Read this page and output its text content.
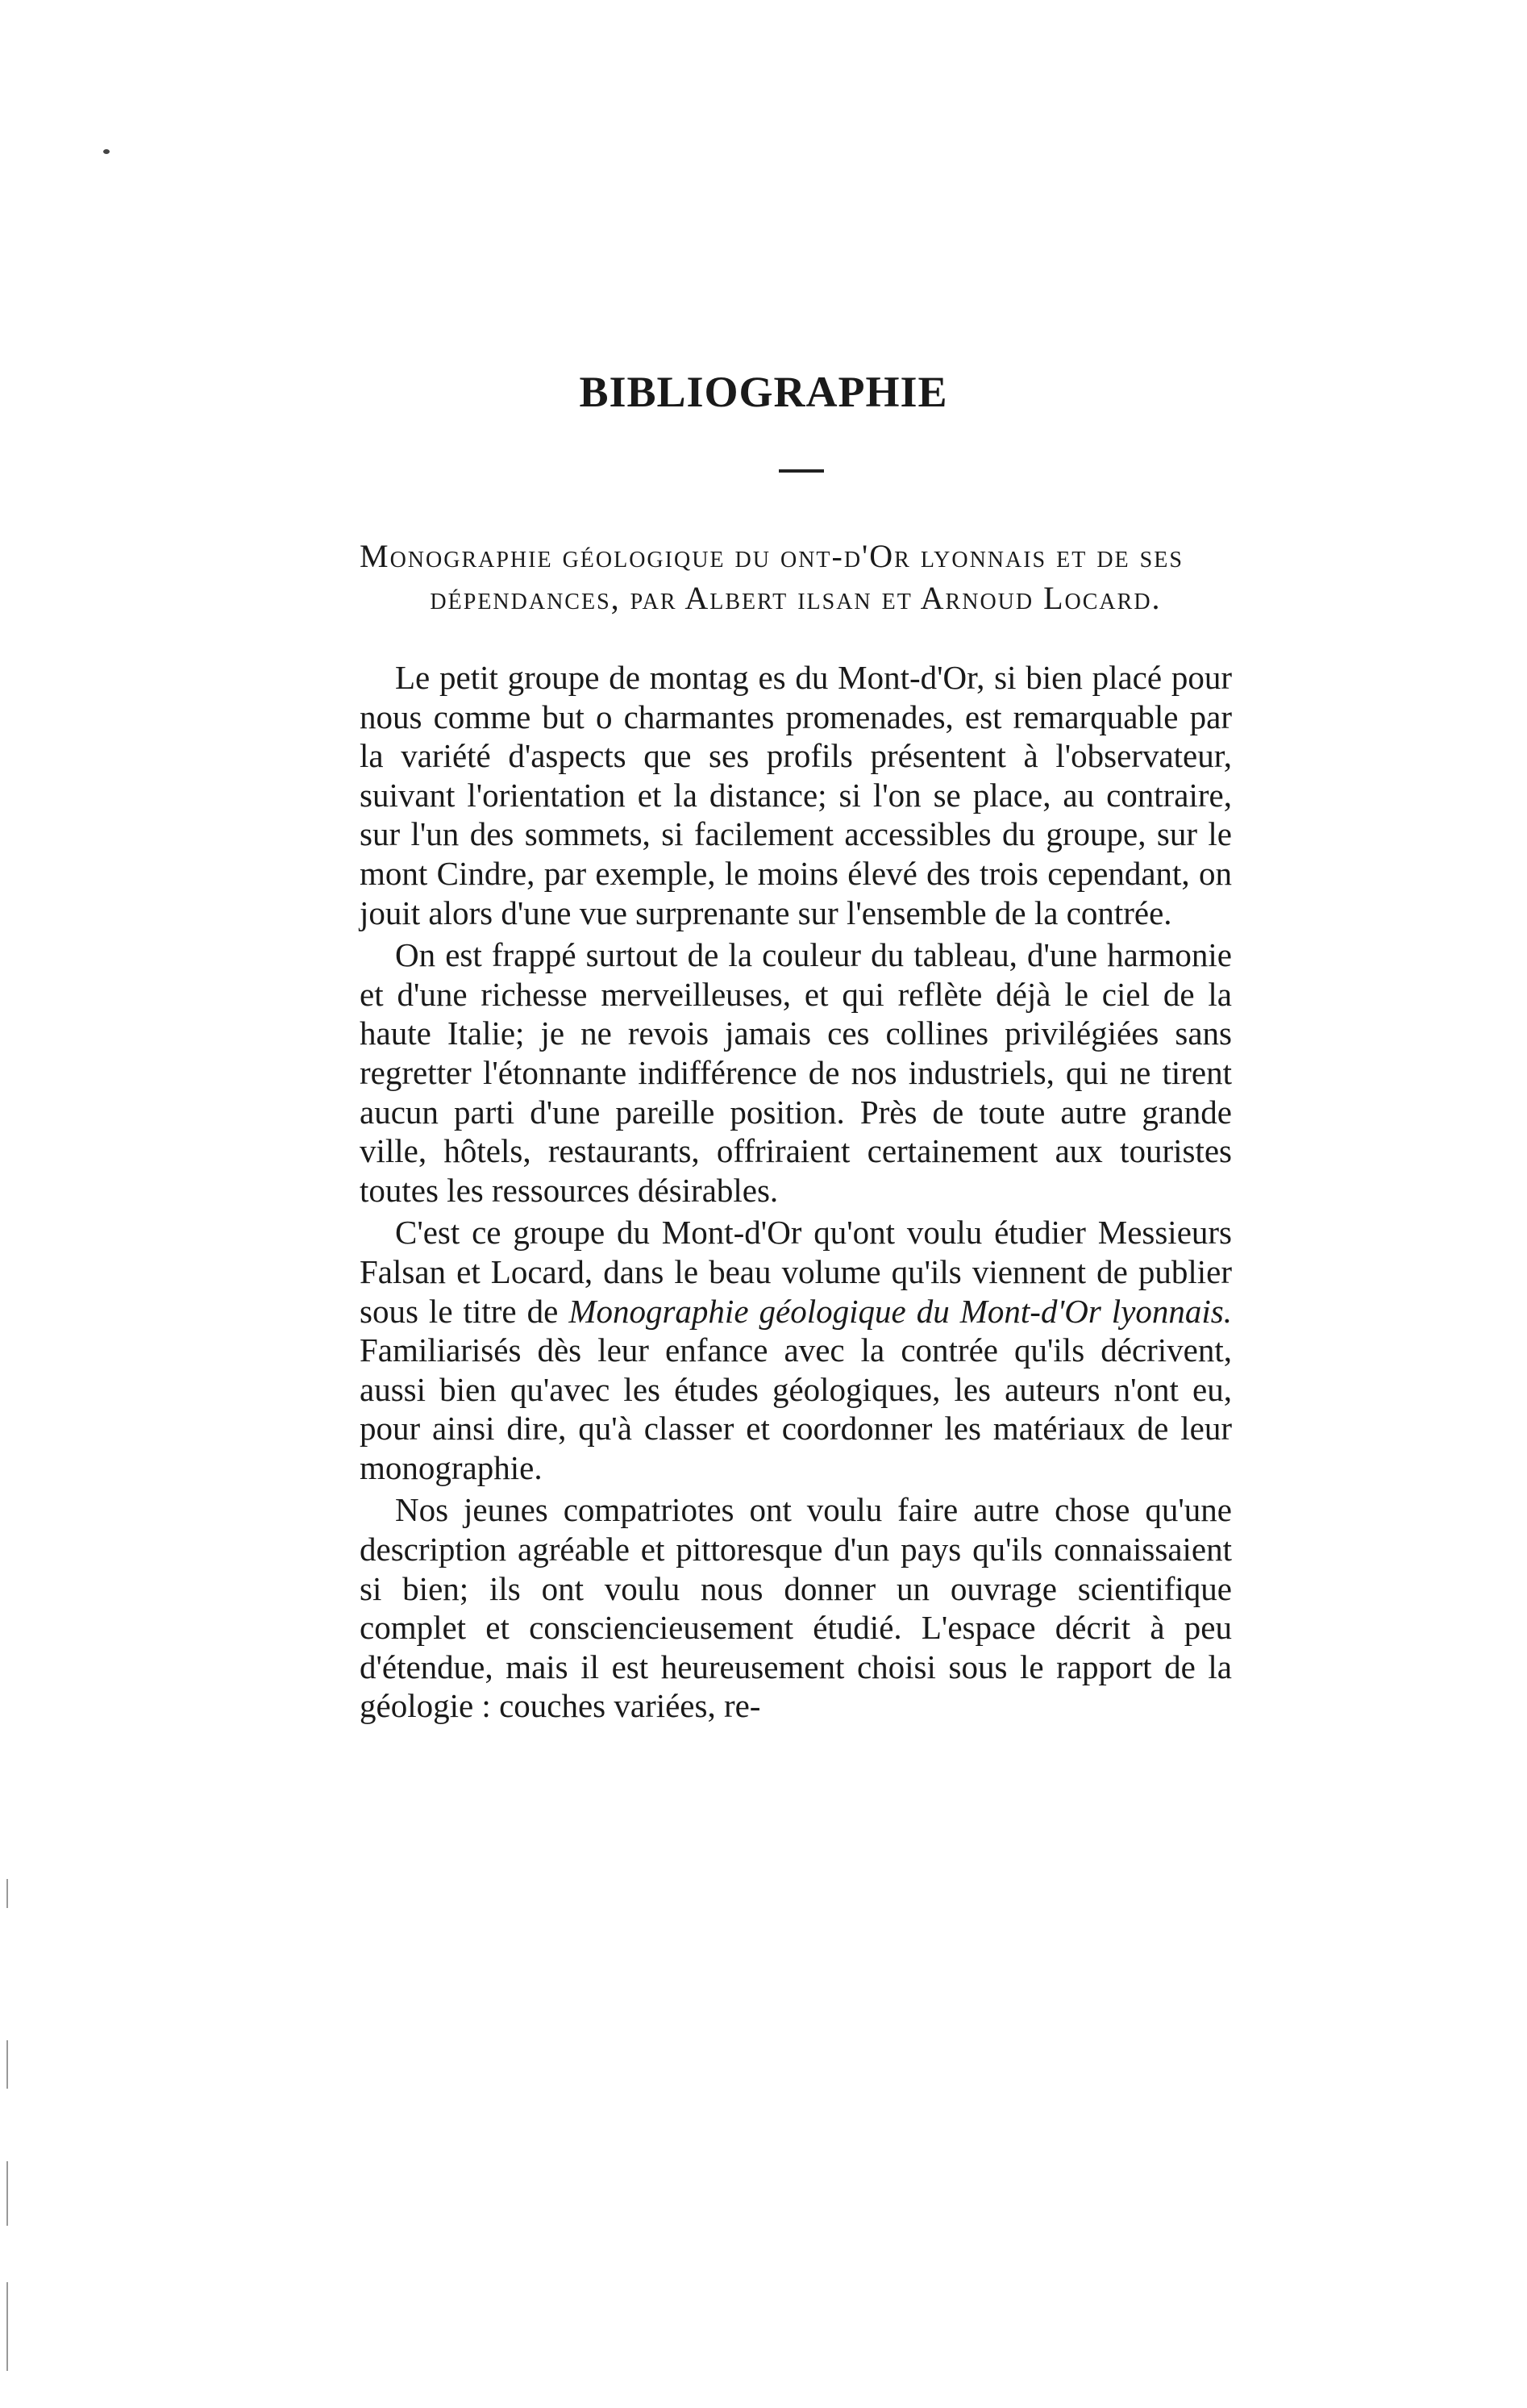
BIBLIOGRAPHIE
Monographie géologique du ont-d'Or lyonnais et de ses
dépendances, par Albert ılsan et Arnoud Locard.

Le petit groupe de montag es du Mont-d'Or, si bien placé pour nous comme but o charmantes promenades, est remarquable par la variété d'aspects que ses profils présentent à l'observateur, suivant l'orientation et la distance; si l'on se place, au contraire, sur l'un des sommets, si facilement accessibles du groupe, sur le mont Cindre, par exemple, le moins élevé des trois cependant, on jouit alors d'une vue surprenante sur l'ensemble de la contrée.

On est frappé surtout de la couleur du tableau, d'une harmonie et d'une richesse merveilleuses, et qui reflète déjà le ciel de la haute Italie; je ne revois jamais ces collines privilégiées sans regretter l'étonnante indifférence de nos industriels, qui ne tirent aucun parti d'une pareille position. Près de toute autre grande ville, hôtels, restaurants, offriraient certainement aux touristes toutes les ressources désirables.

C'est ce groupe du Mont-d'Or qu'ont voulu étudier Messieurs Falsan et Locard, dans le beau volume qu'ils viennent de publier sous le titre de Monographie géologique du Mont-d'Or lyonnais. Familiarisés dès leur enfance avec la contrée qu'ils décrivent, aussi bien qu'avec les études géologiques, les auteurs n'ont eu, pour ainsi dire, qu'à classer et coordonner les matériaux de leur monographie.

Nos jeunes compatriotes ont voulu faire autre chose qu'une description agréable et pittoresque d'un pays qu'ils connaissaient si bien; ils ont voulu nous donner un ouvrage scientifique complet et consciencieusement étudié. L'espace décrit à peu d'étendue, mais il est heureusement choisi sous le rapport de la géologie : couches variées, re-
